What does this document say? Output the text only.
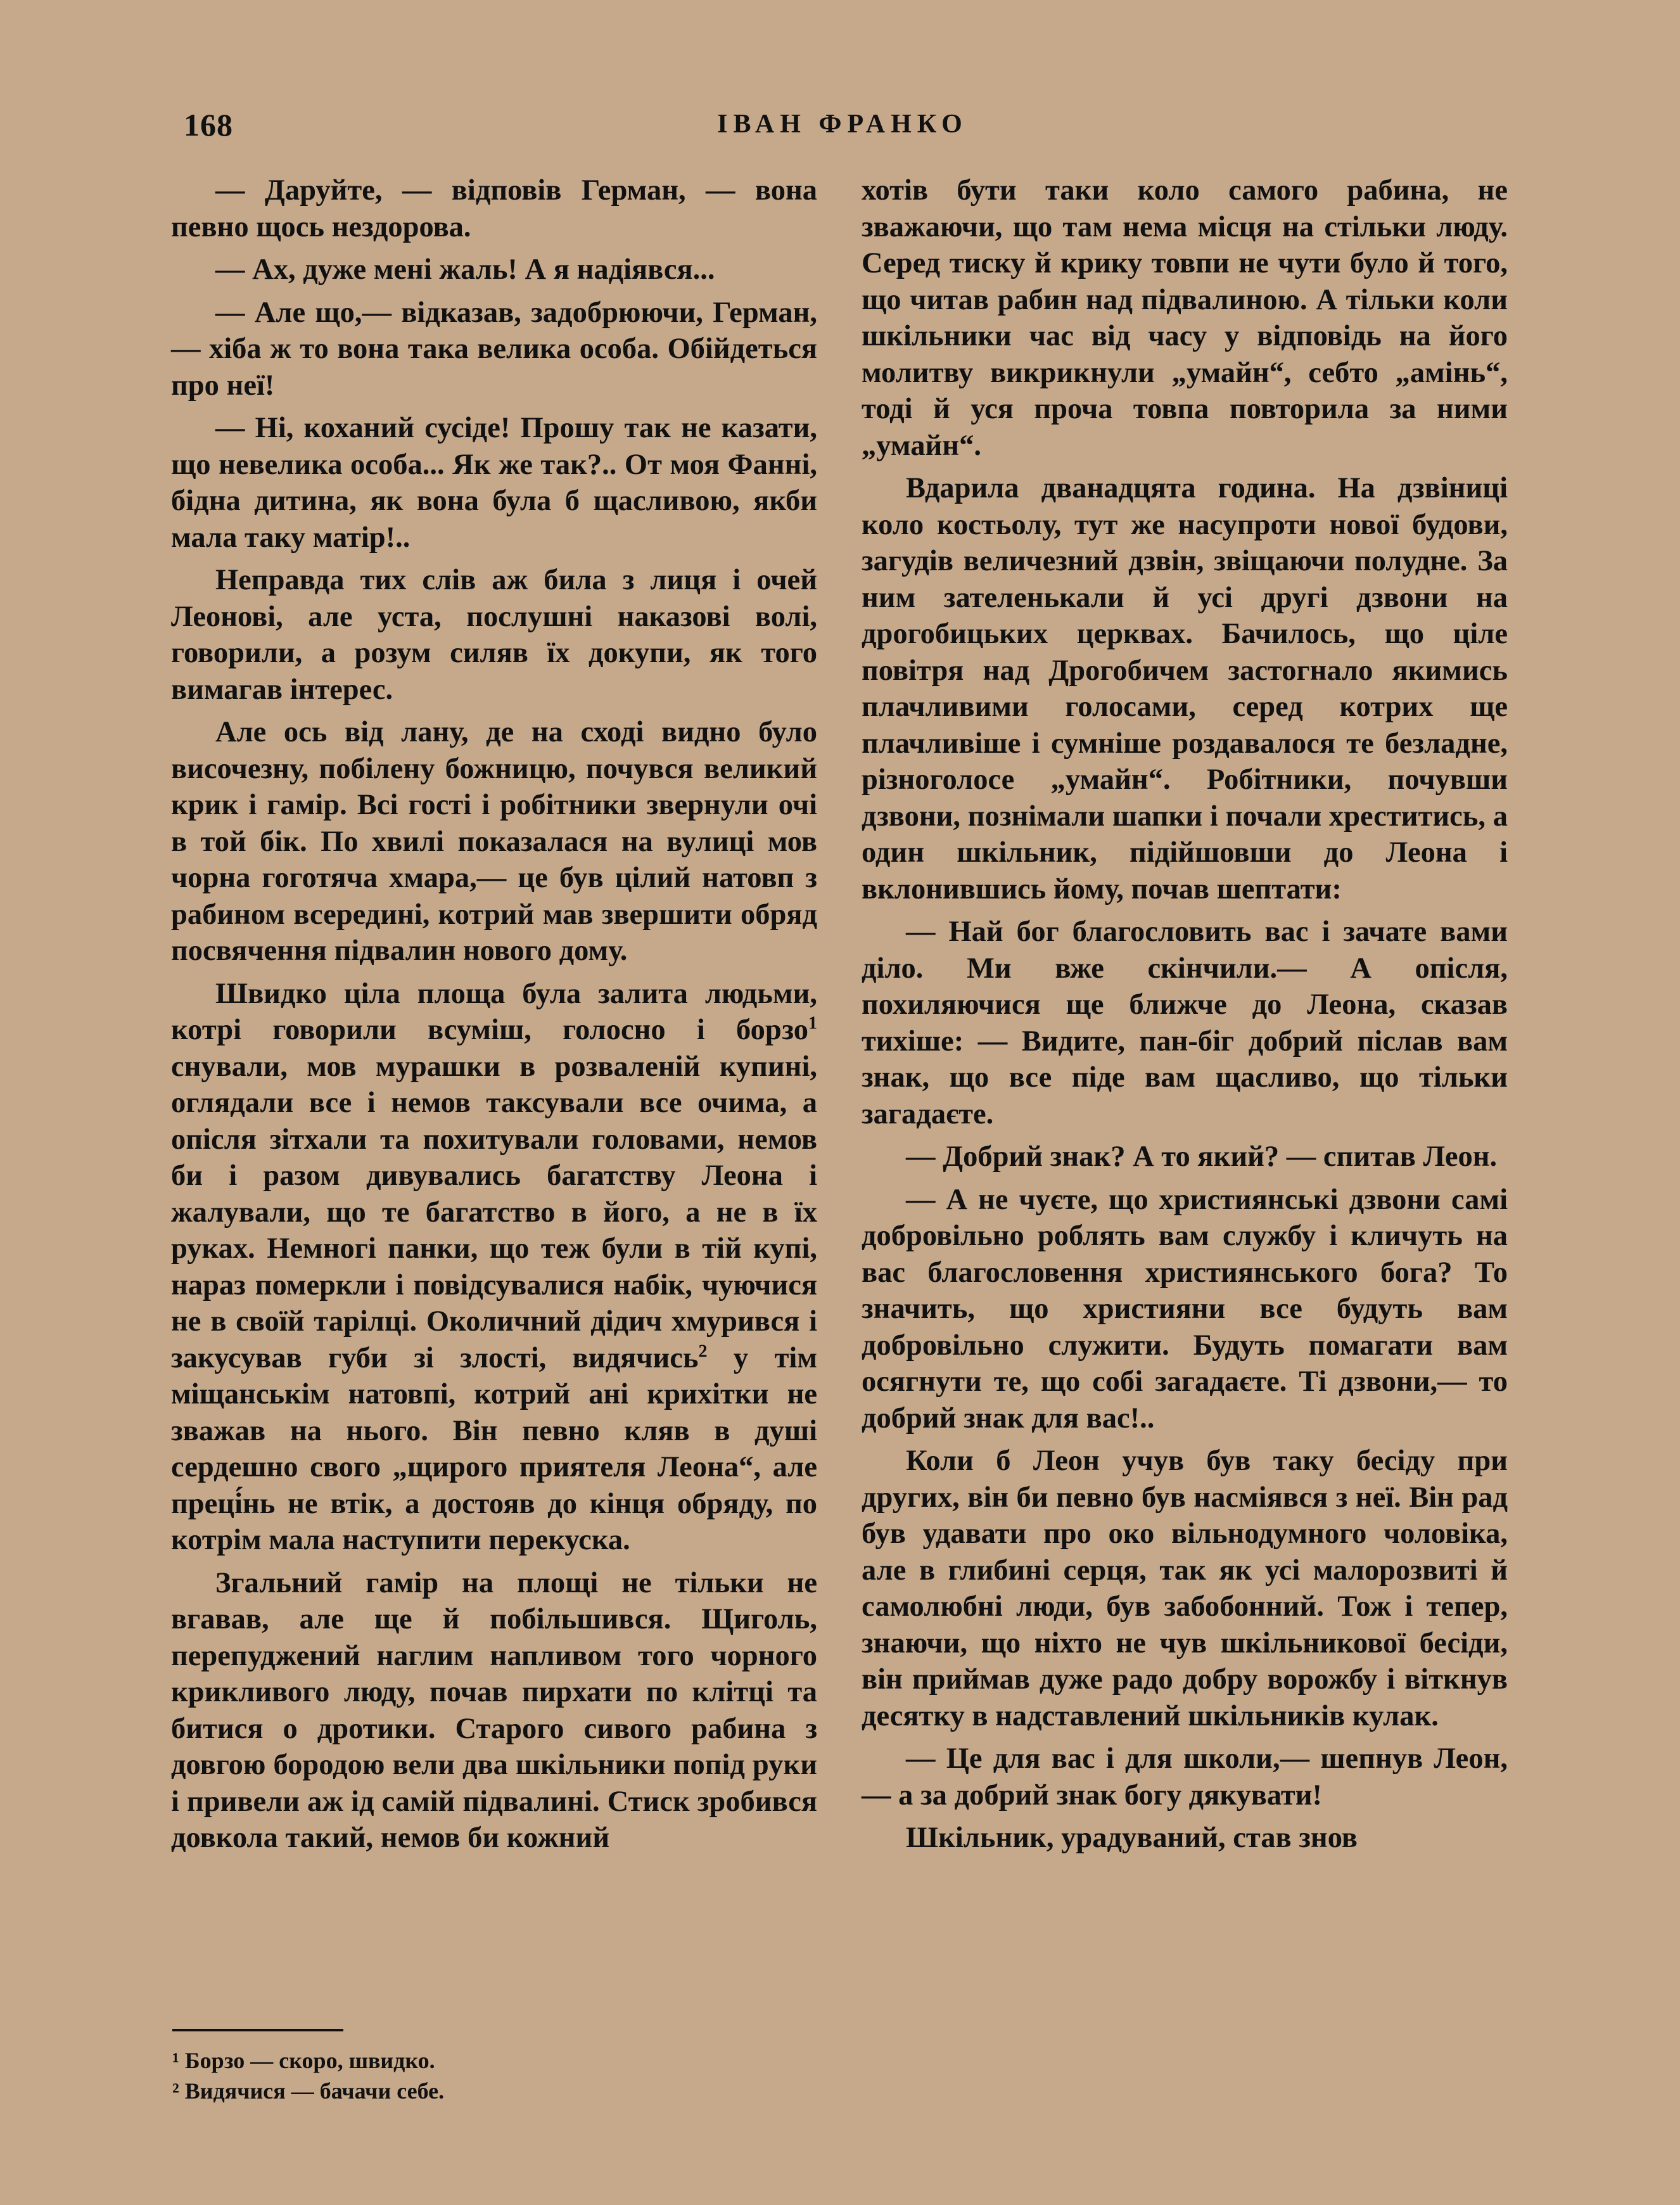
168	ІВАН ФРАНКО

— Даруйте, — відповів Герман, — вона певно щось нездорова.

— Ах, дуже мені жаль! А я надіявся...

— Але що,— відказав, задобрюючи, Герман,— хіба ж то вона така велика особа. Обійдеться про неї!

— Ні, коханий сусіде! Прошу так не казати, що невелика особа... Як же так?.. От моя Фанні, бідна дитина, як вона була б щасливою, якби мала таку матір!..

Неправда тих слів аж била з лиця і очей Леонові, але уста, послушні наказові волі, говорили, а розум силяв їх докупи, як того вимагав інтерес.

Але ось від лану, де на сході видно було височезну, побілену божницю, почувся великий крик і гамір. Всі гості і робітники звернули очі в той бік. По хвилі показалася на вулиці мов чорна гоготяча хмара,— це був цілий натовп з рабином всередині, котрий мав звершити обряд посвячення підвалин нового дому.

Швидко ціла площа була залита людьми, котрі говорили всуміш, голосно і борзо$^1$ снували, мов мурашки в розваленій купині, оглядали все і немов таксували все очима, а опісля зітхали та похитували головами, немов би і разом дивувались багатству Леона і жалували, що те багатство в його, а не в їх руках. Немногі панки, що теж були в тій купі, нараз померкли і повідсувалися набік, чуючися не в своїй тарілці. Околичний дідич хмурився і закусував губи зі злості, видячись$^2$ у тім міщанськім натовпі, котрий ані крихітки не зважав на нього. Він певно кляв в душі сердешно свого „щирого приятеля Леона“, але преці́нь не втік, а достояв до кінця обряду, по котрім мала наступити перекуска.

Згальний гамір на площі не тільки не вгавав, але ще й побільшився. Щиголь, перепуджений наглим напливом того чорного крикливого люду, почав пирхати по клітці та битися о дротики. Старого сивого рабина з довгою бородою вели два шкільники попід руки і привели аж ід самій підвалині. Стиск зробився довкола такий, немов би кожний

хотів бути таки коло самого рабина, не зважаючи, що там нема місця на стільки люду. Серед тиску й крику товпи не чути було й того, що читав рабин над підвалиною. А тільки коли шкільники час від часу у відповідь на його молитву викрикнули „умайн“, себто „амінь“, тоді й уся проча товпа повторила за ними „умайн“.

Вдарила дванадцята година. На дзвіниці коло костьолу, тут же насупроти нової будови, загудів величезний дзвін, звіщаючи полудне. За ним зателенькали й усі другі дзвони на дрогобицьких церквах. Бачилось, що ціле повітря над Дрогобичем застогнало якимись плачливими голосами, серед котрих ще плачливіше і сумніше роздавалося те безладне, різноголосе „умайн“. Робітники, почувши дзвони, познімали шапки і почали хреститись, а один шкільник, підійшовши до Леона і вклонившись йому, почав шептати:

— Най бог благословить вас і зачате вами діло. Ми вже скінчили.— А опісля, похиляючися ще ближче до Леона, сказав тихіше: — Видите, пан-біг добрий післав вам знак, що все піде вам щасливо, що тільки загадаєте.

— Добрий знак? А то який? — спитав Леон.

— А не чуєте, що християнські дзвони самі добровільно роблять вам службу і кличуть на вас благословення християнського бога? То значить, що християни все будуть вам добровільно служити. Будуть помагати вам осягнути те, що собі загадаєте. Ті дзвони,— то добрий знак для вас!..

Коли б Леон учув був таку бесіду при других, він би певно був насміявся з неї. Він рад був удавати про око вільнодумного чоловіка, але в глибині серця, так як усі малорозвиті й самолюбні люди, був забобонний. Тож і тепер, знаючи, що ніхто не чув шкільникової бесіди, він приймав дуже радо добру ворожбу і віткнув десятку в надставлений шкільників кулак.

— Це для вас і для школи,— шепнув Леон,— а за добрий знак богу дякувати!

Шкільник, урадуваний, став знов

¹ Борзо — скоро, швидко.
² Видячися — бачачи себе.
